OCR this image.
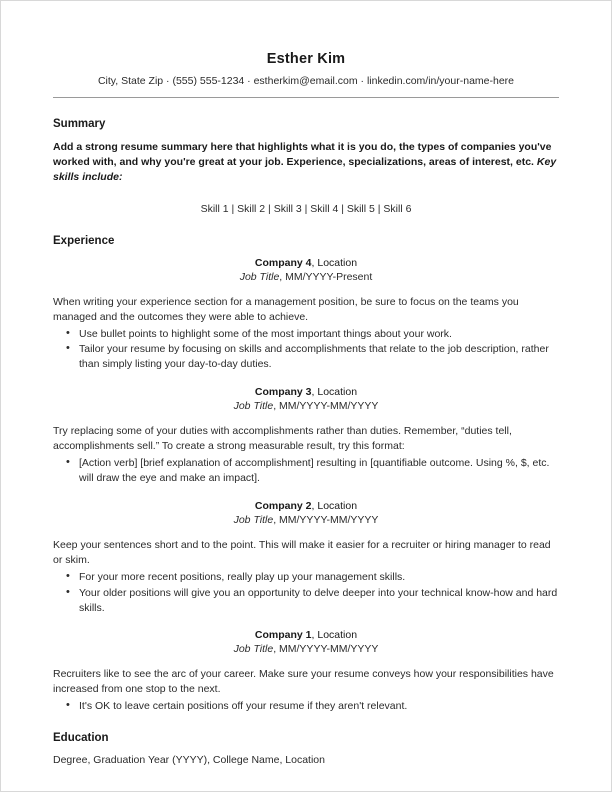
Esther Kim
City, State Zip · (555) 555-1234 · estherkim@email.com · linkedin.com/in/your-name-here
Summary

Add a strong resume summary here that highlights what it is you do, the types of companies you've worked with, and why you're great at your job. Experience, specializations, areas of interest, etc. Key skills include:

Skill 1 | Skill 2 | Skill 3 | Skill 4 | Skill 5 | Skill 6

Experience

Company 4, Location

Job Title, MM/YYYY-Present

When writing your experience section for a management position, be sure to focus on the teams you managed and the outcomes they were able to achieve.

• Use bullet points to highlight some of the most important things about your work.
• Tailor your resume by focusing on skills and accomplishments that relate to the job description, rather than simply listing your day-to-day duties.

Company 3, Location

Job Title, MM/YYYY-MM/YYYY

Try replacing some of your duties with accomplishments rather than duties. Remember, “duties tell, accomplishments sell.” To create a strong measurable result, try this format:

• [Action verb] [brief explanation of accomplishment] resulting in [quantifiable outcome. Using %, $, etc. will draw the eye and make an impact].

Company 2, Location

Job Title, MM/YYYY-MM/YYYY

Keep your sentences short and to the point. This will make it easier for a recruiter or hiring manager to read or skim.

• For your more recent positions, really play up your management skills.
• Your older positions will give you an opportunity to delve deeper into your technical know-how and hard skills.

Company 1, Location

Job Title, MM/YYYY-MM/YYYY

Recruiters like to see the arc of your career. Make sure your resume conveys how your responsibilities have increased from one stop to the next.

• It's OK to leave certain positions off your resume if they aren't relevant.
Education

Degree, Graduation Year (YYYY), College Name, Location
